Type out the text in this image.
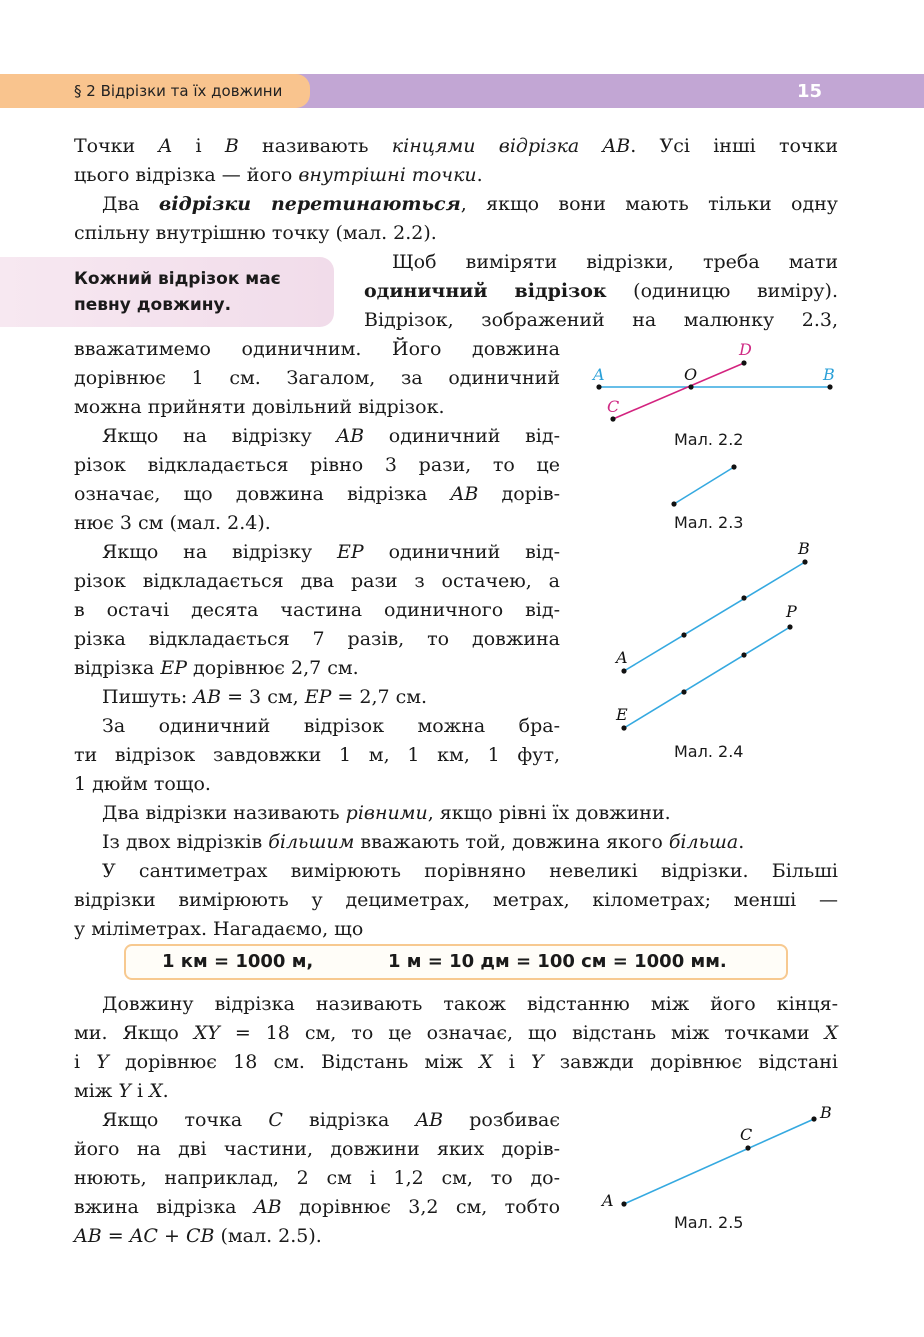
§ 2 Відрізки та їх довжини	15

Точки A і B називають кінцями відрізка AB. Усі інші точки

цього відрізка — його внутрішні точки.

Два відрізки перетинаються, якщо вони мають тільки одну

спільну внутрішню точку (мал. 2.2).

Кожний відрізок має
певну довжину.

Щоб виміряти відрізки, треба мати

одиничний відрізок (одиницю виміру).

Відрізок, зображений на малюнку 2.3,

вважатимемо одиничним. Його довжина

дорівнює 1 см. Загалом, за одиничний

можна прийняти довільний відрізок.

Якщо на відрізку AB одиничний від-

різок відкладається рівно 3 рази, то це

означає, що довжина відрізка AB дорів-

нює 3 см (мал. 2.4).

Якщо на відрізку EP одиничний від-

різок відкладається два рази з остачею, а

в остачі десята частина одиничного від-

різка відкладається 7 разів, то довжина

відрізка EP дорівнює 2,7 см.

Пишуть: AB = 3 см, EP = 2,7 см.

За одиничний відрізок можна бра-

ти відрізок завдовжки 1 м, 1 км, 1 фут,

1 дюйм тощо.

Два відрізки називають рівними, якщо рівні їх довжини.

Із двох відрізків більшим вважають той, довжина якого більша.

У сантиметрах вимірюють порівняно невеликі відрізки. Більші

відрізки вимірюють у дециметрах, метрах, кілометрах; менші —

у міліметрах. Нагадаємо, що

1 км = 1000 м,	1 м = 10 дм = 100 см = 1000 мм.

Довжину відрізка називають також відстанню між його кінця-

ми. Якщо XY = 18 см, то це означає, що відстань між точками X

і Y дорівнює 18 см. Відстань між X і Y завжди дорівнює відстані

між Y і X.

Якщо точка C відрізка AB розбиває

його на дві частини, довжини яких дорів-

нюють, наприклад, 2 см і 1,2 см, то до-

вжина відрізка AB дорівнює 3,2 см, тобто

AB = AC + CB (мал. 2.5).

A	O	B
C
D
Мал. 2.2
Мал. 2.3
A
B
E
P
Мал. 2.4
A
C
B
Мал. 2.5
